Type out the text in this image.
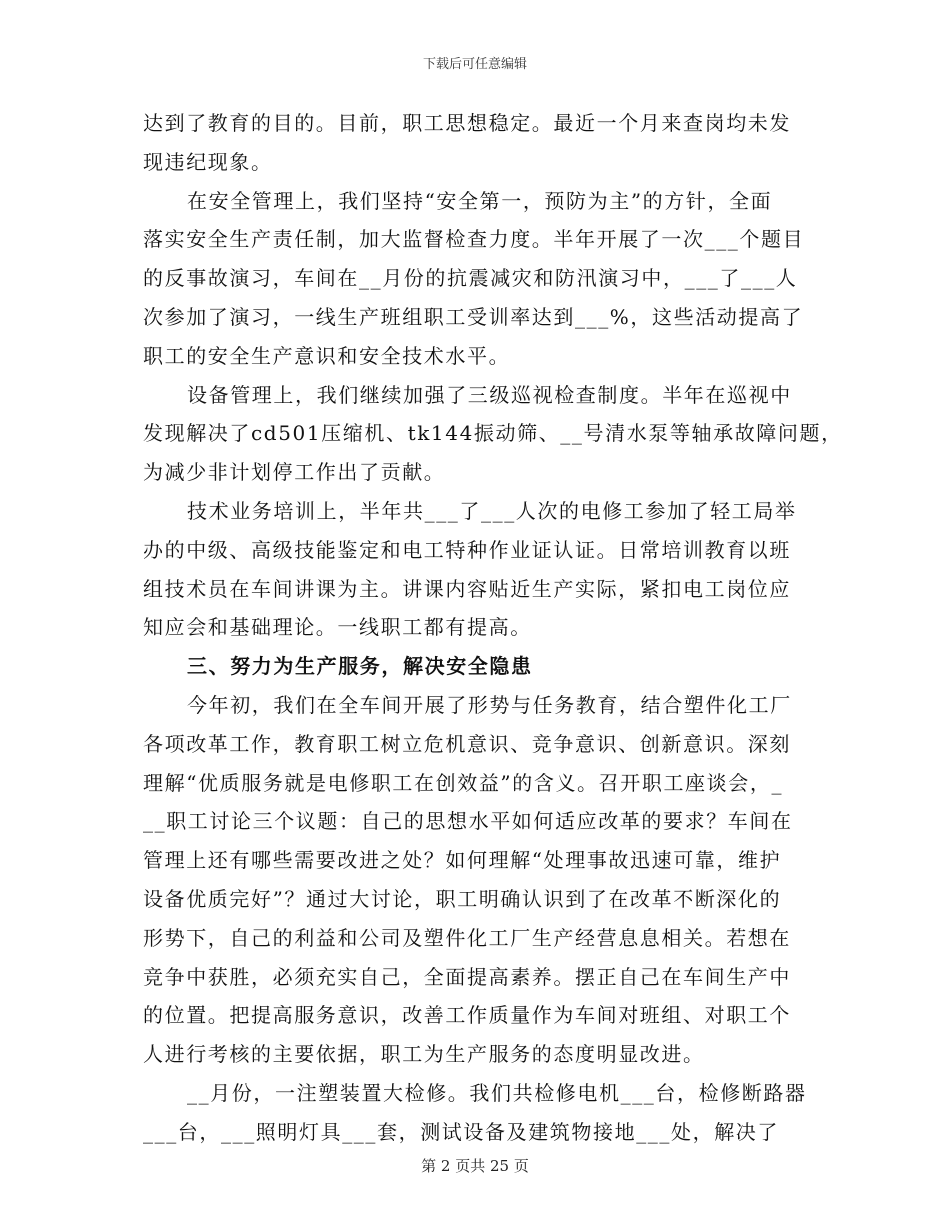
下载后可任意编辑
达到了教育的目的。目前，职工思想稳定。最近一个月来查岗均未发
现违纪现象。
在安全管理上，我们坚持“安全第一，预防为主”的方针，全面
落实安全生产责任制，加大监督检查力度。半年开展了一次___个题目
的反事故演习，车间在__月份的抗震减灾和防汛演习中，___了___人
次参加了演习，一线生产班组职工受训率达到___%，这些活动提高了
职工的安全生产意识和安全技术水平。
设备管理上，我们继续加强了三级巡视检查制度。半年在巡视中
发现解决了cd501压缩机、tk144振动筛、__号清水泵等轴承故障问题，
为减少非计划停工作出了贡献。
技术业务培训上，半年共___了___人次的电修工参加了轻工局举
办的中级、高级技能鉴定和电工特种作业证认证。日常培训教育以班
组技术员在车间讲课为主。讲课内容贴近生产实际，紧扣电工岗位应
知应会和基础理论。一线职工都有提高。
三、努力为生产服务，解决安全隐患
今年初，我们在全车间开展了形势与任务教育，结合塑件化工厂
各项改革工作，教育职工树立危机意识、竞争意识、创新意识。深刻
理解“优质服务就是电修职工在创效益”的含义。召开职工座谈会，_
__职工讨论三个议题：自己的思想水平如何适应改革的要求？车间在
管理上还有哪些需要改进之处？如何理解“处理事故迅速可靠，维护
设备优质完好”？通过大讨论，职工明确认识到了在改革不断深化的
形势下，自己的利益和公司及塑件化工厂生产经营息息相关。若想在
竞争中获胜，必须充实自己，全面提高素养。摆正自己在车间生产中
的位置。把提高服务意识，改善工作质量作为车间对班组、对职工个
人进行考核的主要依据，职工为生产服务的态度明显改进。
__月份，一注塑装置大检修。我们共检修电机___台，检修断路器
___台，___照明灯具___套，测试设备及建筑物接地___处，解决了
第 2 页共 25 页
